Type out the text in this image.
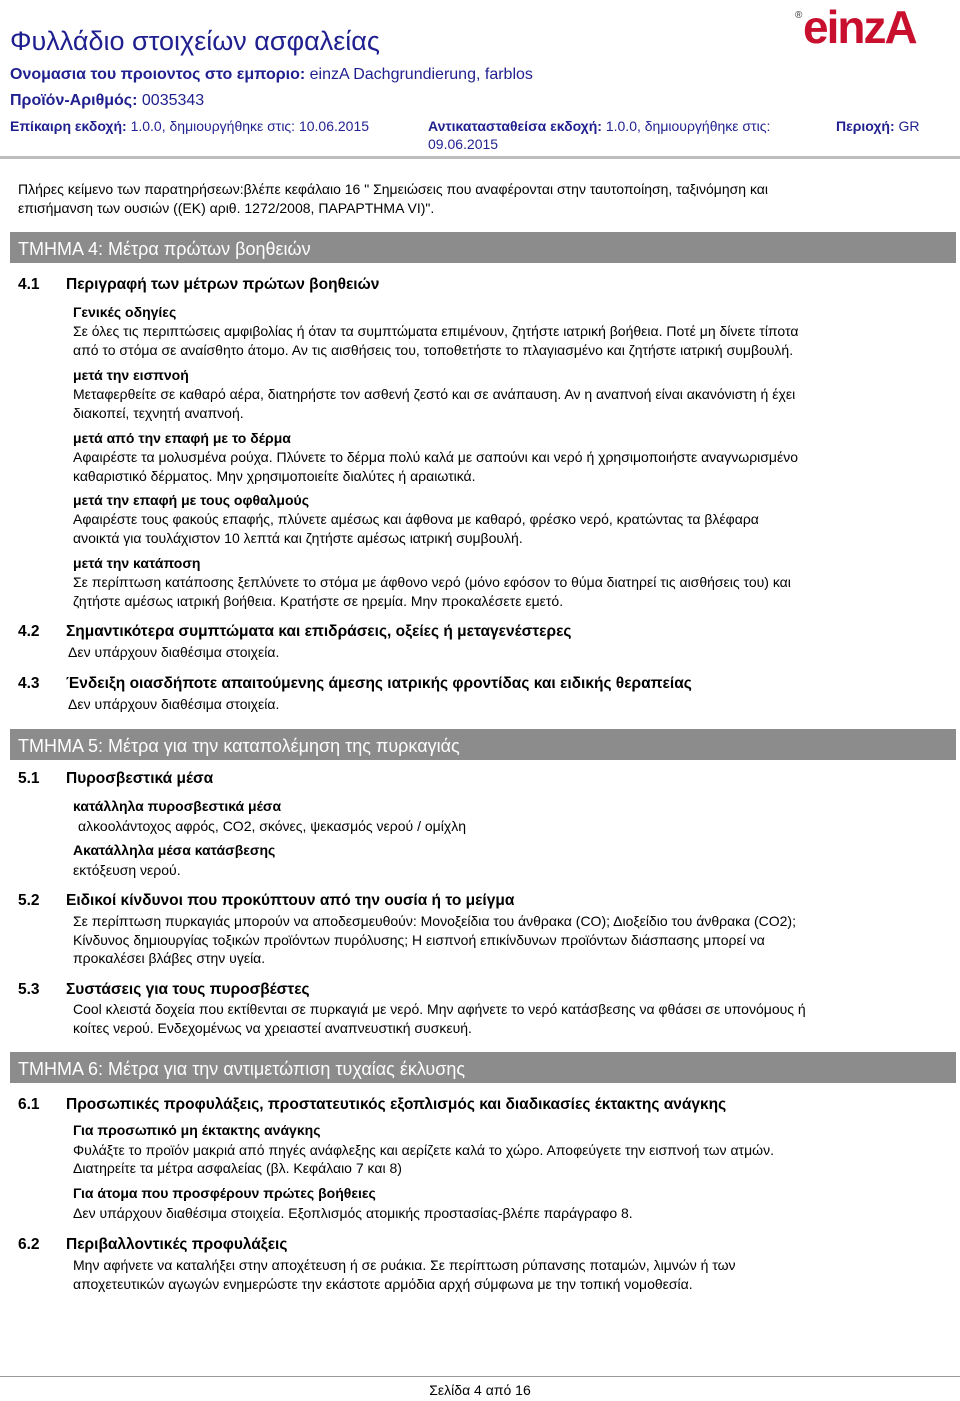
Φυλλάδιο στοιχείων ασφαλείας
® einzA
Ονομασια του προιοντος στο εμποριο: einzA Dachgrundierung, farblos
Προϊόν-Αριθμός: 0035343
Επίκαιρη εκδοχή: 1.0.0, δημιουργήθηκε στις: 10.06.2015	Αντικατασταθείσα εκδοχή: 1.0.0, δημιουργήθηκε στις:
09.06.2015
Περιοχή: GR
Πλήρες κείμενο των παρατηρήσεων:βλέπε κεφάλαιο 16 " Σημειώσεις που αναφέρονται στην ταυτοποίηση, ταξινόμηση και
επισήμανση των ουσιών ((ΕΚ) αριθ. 1272/2008, ΠΑΡΑΡΤΗΜΑ VI)".
ΤΜΗΜΑ 4: Μέτρα πρώτων βοηθειών
4.1 Περιγραφή των μέτρων πρώτων βοηθειών
Γενικές οδηγίες
Σε όλες τις περιπτώσεις αμφιβολίας ή όταν τα συμπτώματα επιμένουν, ζητήστε ιατρική βοήθεια. Ποτέ μη δίνετε τίποτα
από το στόμα σε αναίσθητο άτομο. Αν τις αισθήσεις του, τοποθετήστε το πλαγιασμένο και ζητήστε ιατρική συμβουλή.
μετά την εισπνοή
Μεταφερθείτε σε καθαρό αέρα, διατηρήστε τον ασθενή ζεστό και σε ανάπαυση. Αν η αναπνοή είναι ακανόνιστη ή έχει
διακοπεί, τεχνητή αναπνοή.
μετά από την επαφή με το δέρμα
Αφαιρέστε τα μολυσμένα ρούχα. Πλύνετε το δέρμα πολύ καλά με σαπούνι και νερό ή χρησιμοποιήστε αναγνωρισμένο
καθαριστικό δέρματος. Μην χρησιμοποιείτε διαλύτες ή αραιωτικά.
μετά την επαφή με τους οφθαλμούς
Αφαιρέστε τους φακούς επαφής, πλύνετε αμέσως και άφθονα με καθαρό, φρέσκο νερό, κρατώντας τα βλέφαρα
ανοικτά για τουλάχιστον 10 λεπτά και ζητήστε αμέσως ιατρική συμβουλή.
μετά την κατάποση
Σε περίπτωση κατάποσης ξεπλύνετε το στόμα με άφθονο νερό (μόνο εφόσον το θύμα διατηρεί τις αισθήσεις του) και
ζητήστε αμέσως ιατρική βοήθεια. Κρατήστε σε ηρεμία. Μην προκαλέσετε εμετό.
4.2 Σημαντικότερα συμπτώματα και επιδράσεις, οξείες ή μεταγενέστερες
Δεν υπάρχουν διαθέσιμα στοιχεία.
4.3 Ένδειξη οιασδήποτε απαιτούμενης άμεσης ιατρικής φροντίδας και ειδικής θεραπείας
Δεν υπάρχουν διαθέσιμα στοιχεία.
ΤΜΗΜΑ 5: Μέτρα για την καταπολέμηση της πυρκαγιάς
5.1 Πυροσβεστικά μέσα
κατάλληλα πυροσβεστικά μέσα
αλκοολάντοχος αφρός, CO2, σκόνες, ψεκασμός νερού / ομίχλη
Ακατάλληλα μέσα κατάσβεσης
εκτόξευση νερού.
5.2 Ειδικοί κίνδυνοι που προκύπτουν από την ουσία ή το μείγμα
Σε περίπτωση πυρκαγιάς μπορούν να αποδεσμευθούν: Μονοξείδια του άνθρακα (CO); Διοξείδιο του άνθρακα (CO2);
Κίνδυνος δημιουργίας τοξικών προϊόντων πυρόλυσης; Η εισπνοή επικίνδυνων προϊόντων διάσπασης μπορεί να
προκαλέσει βλάβες στην υγεία.
5.3 Συστάσεις για τους πυροσβέστες
Cool κλειστά δοχεία που εκτίθενται σε πυρκαγιά με νερό. Μην αφήνετε το νερό κατάσβεσης να φθάσει σε υπονόμους ή
κοίτες νερού. Ενδεχομένως να χρειαστεί αναπνευστική συσκευή.
ΤΜΗΜΑ 6: Μέτρα για την αντιμετώπιση τυχαίας έκλυσης
6.1 Προσωπικές προφυλάξεις, προστατευτικός εξοπλισμός και διαδικασίες έκτακτης ανάγκης
Για προσωπικό μη έκτακτης ανάγκης
Φυλάξτε το προϊόν μακριά από πηγές ανάφλεξης και αερίζετε καλά το χώρο. Αποφεύγετε την εισπνοή των ατμών.
Διατηρείτε τα μέτρα ασφαλείας (βλ. Κεφάλαιο 7 και 8)
Για άτομα που προσφέρουν πρώτες βοήθειες
Δεν υπάρχουν διαθέσιμα στοιχεία. Εξοπλισμός ατομικής προστασίας-βλέπε παράγραφο 8.
6.2 Περιβαλλοντικές προφυλάξεις
Μην αφήνετε να καταλήξει στην αποχέτευση ή σε ρυάκια. Σε περίπτωση ρύπανσης ποταμών, λιμνών ή των
αποχετευτικών αγωγών ενημερώστε την εκάστοτε αρμόδια αρχή σύμφωνα με την τοπική νομοθεσία.
Σελίδα 4 από 16
